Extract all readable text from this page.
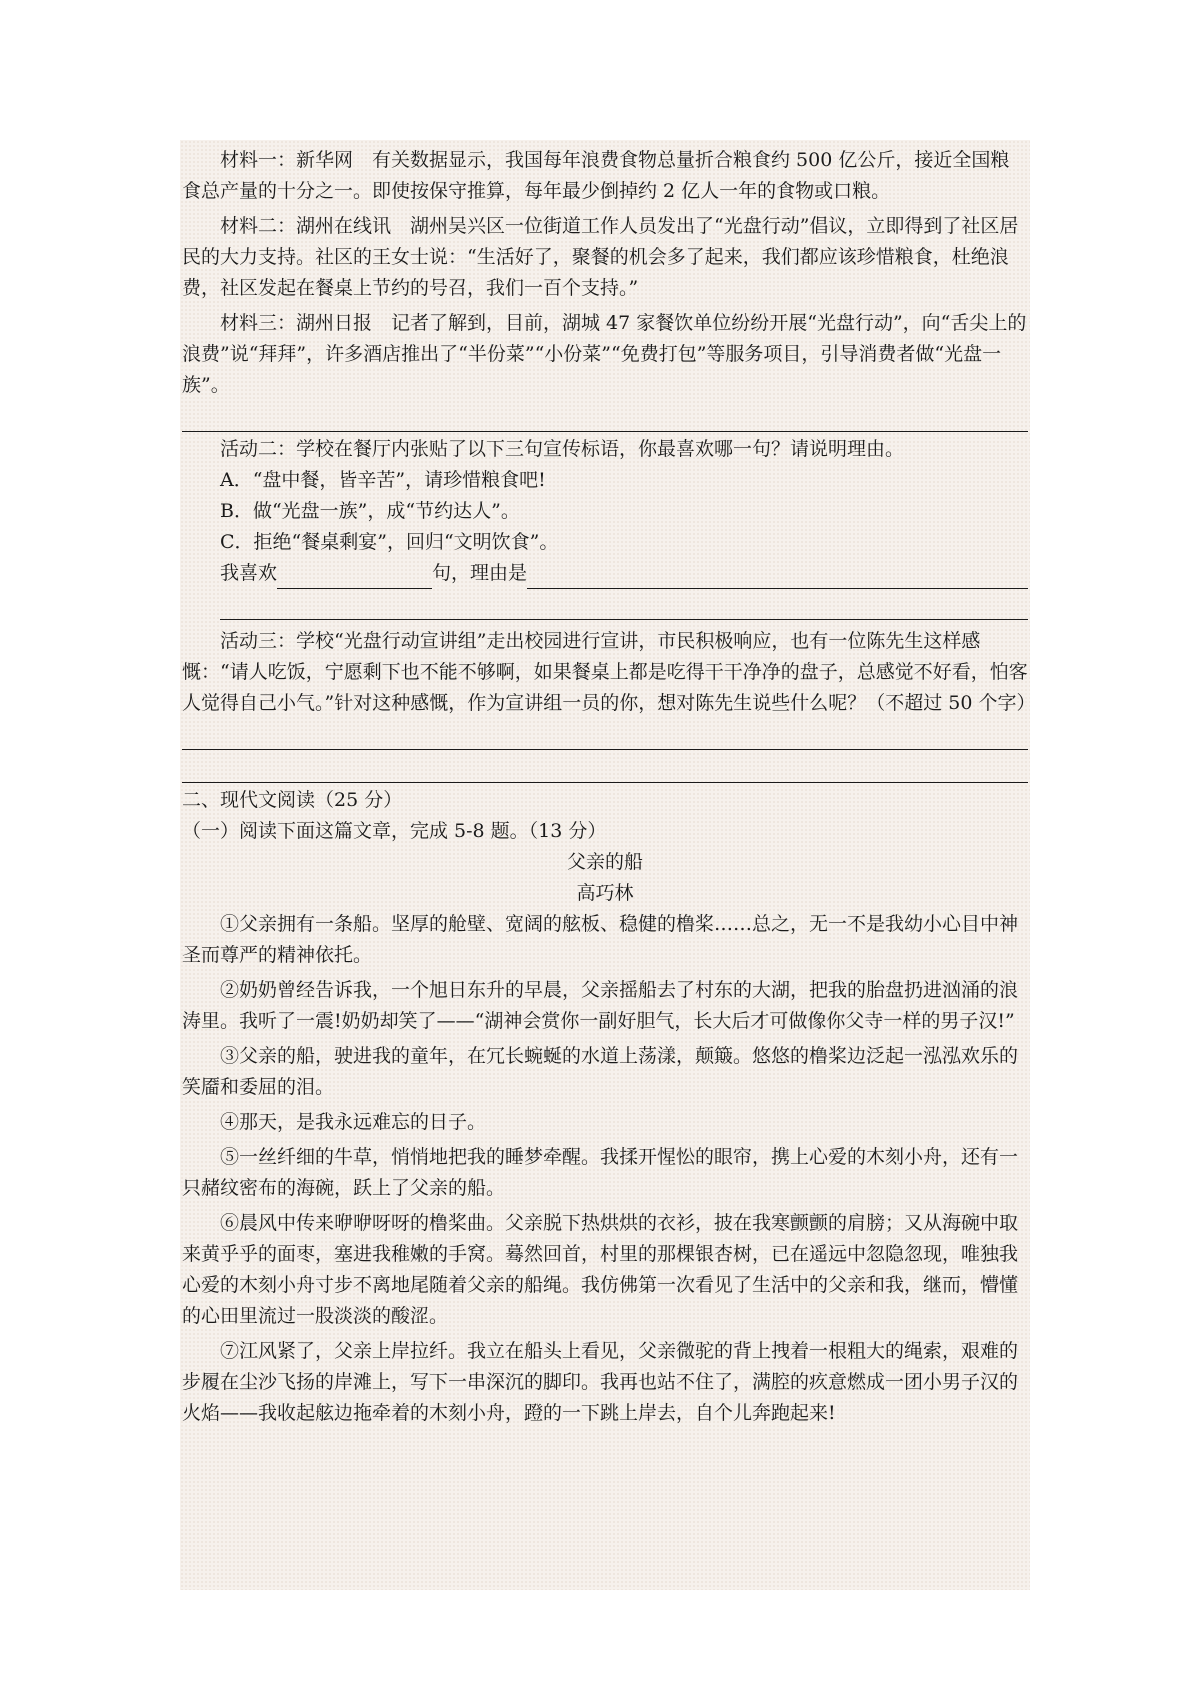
材料一：新华网　有关数据显示，我国每年浪费食物总量折合粮食约 500 亿公斤，接近全国粮食总产量的十分之一。即使按保守推算，每年最少倒掉约 2 亿人一年的食物或口粮。

材料二：湖州在线讯　湖州吴兴区一位街道工作人员发出了“光盘行动”倡议，立即得到了社区居民的大力支持。社区的王女士说：“生活好了，聚餐的机会多了起来，我们都应该珍惜粮食，杜绝浪费，社区发起在餐桌上节约的号召，我们一百个支持。”

材料三：湖州日报　记者了解到，目前，湖城 47 家餐饮单位纷纷开展“光盘行动”，向“舌尖上的浪费”说“拜拜”，许多酒店推出了“半份菜”“小份菜”“免费打包”等服务项目，引导消费者做“光盘一族”。

活动二：学校在餐厅内张贴了以下三句宣传标语，你最喜欢哪一句？请说明理由。

A．“盘中餐，皆辛苦”，请珍惜粮食吧!

B．做“光盘一族”，成“节约达人”。

C．拒绝“餐桌剩宴”，回归“文明饮食”。

我喜欢	句，理由是

活动三：学校“光盘行动宣讲组”走出校园进行宣讲，市民积极响应，也有一位陈先生这样感慨：“请人吃饭，宁愿剩下也不能不够啊，如果餐桌上都是吃得干干净净的盘子，总感觉不好看，怕客人觉得自己小气。”针对这种感慨，作为宣讲组一员的你，想对陈先生说些什么呢？（不超过 50 个字）

二、现代文阅读（25 分）

（一）阅读下面这篇文章，完成 5-8 题。（13 分）

父亲的船

高巧林

①父亲拥有一条船。坚厚的舱壁、宽阔的舷板、稳健的橹桨……总之，无一不是我幼小心目中神圣而尊严的精神依托。

②奶奶曾经告诉我，一个旭日东升的早晨，父亲摇船去了村东的大湖，把我的胎盘扔进汹涌的浪涛里。我听了一震!奶奶却笑了——“湖神会赏你一副好胆气，长大后才可做像你父寺一样的男子汉!”

③父亲的船，驶进我的童年，在冗长蜿蜒的水道上荡漾，颠簸。悠悠的橹桨边泛起一泓泓欢乐的笑靥和委屈的泪。

④那天，是我永远难忘的日子。

⑤一丝纤细的牛草，悄悄地把我的睡梦牵醒。我揉开惺忪的眼帘，携上心爱的木刻小舟，还有一只赭纹密布的海碗，跃上了父亲的船。

⑥晨风中传来咿咿呀呀的橹桨曲。父亲脱下热烘烘的衣衫，披在我寒颤颤的肩膀；又从海碗中取来黄乎乎的面枣，塞进我稚嫩的手窝。蓦然回首，村里的那棵银杏树，已在遥远中忽隐忽现，唯独我心爱的木刻小舟寸步不离地尾随着父亲的船绳。我仿佛第一次看见了生活中的父亲和我，继而，懵懂的心田里流过一股淡淡的酸涩。

⑦江风紧了，父亲上岸拉纤。我立在船头上看见，父亲微驼的背上拽着一根粗大的绳索，艰难的步履在尘沙飞扬的岸滩上，写下一串深沉的脚印。我再也站不住了，满腔的疚意燃成一团小男子汉的火焰——我收起舷边拖牵着的木刻小舟，蹬的一下跳上岸去，自个儿奔跑起来!
